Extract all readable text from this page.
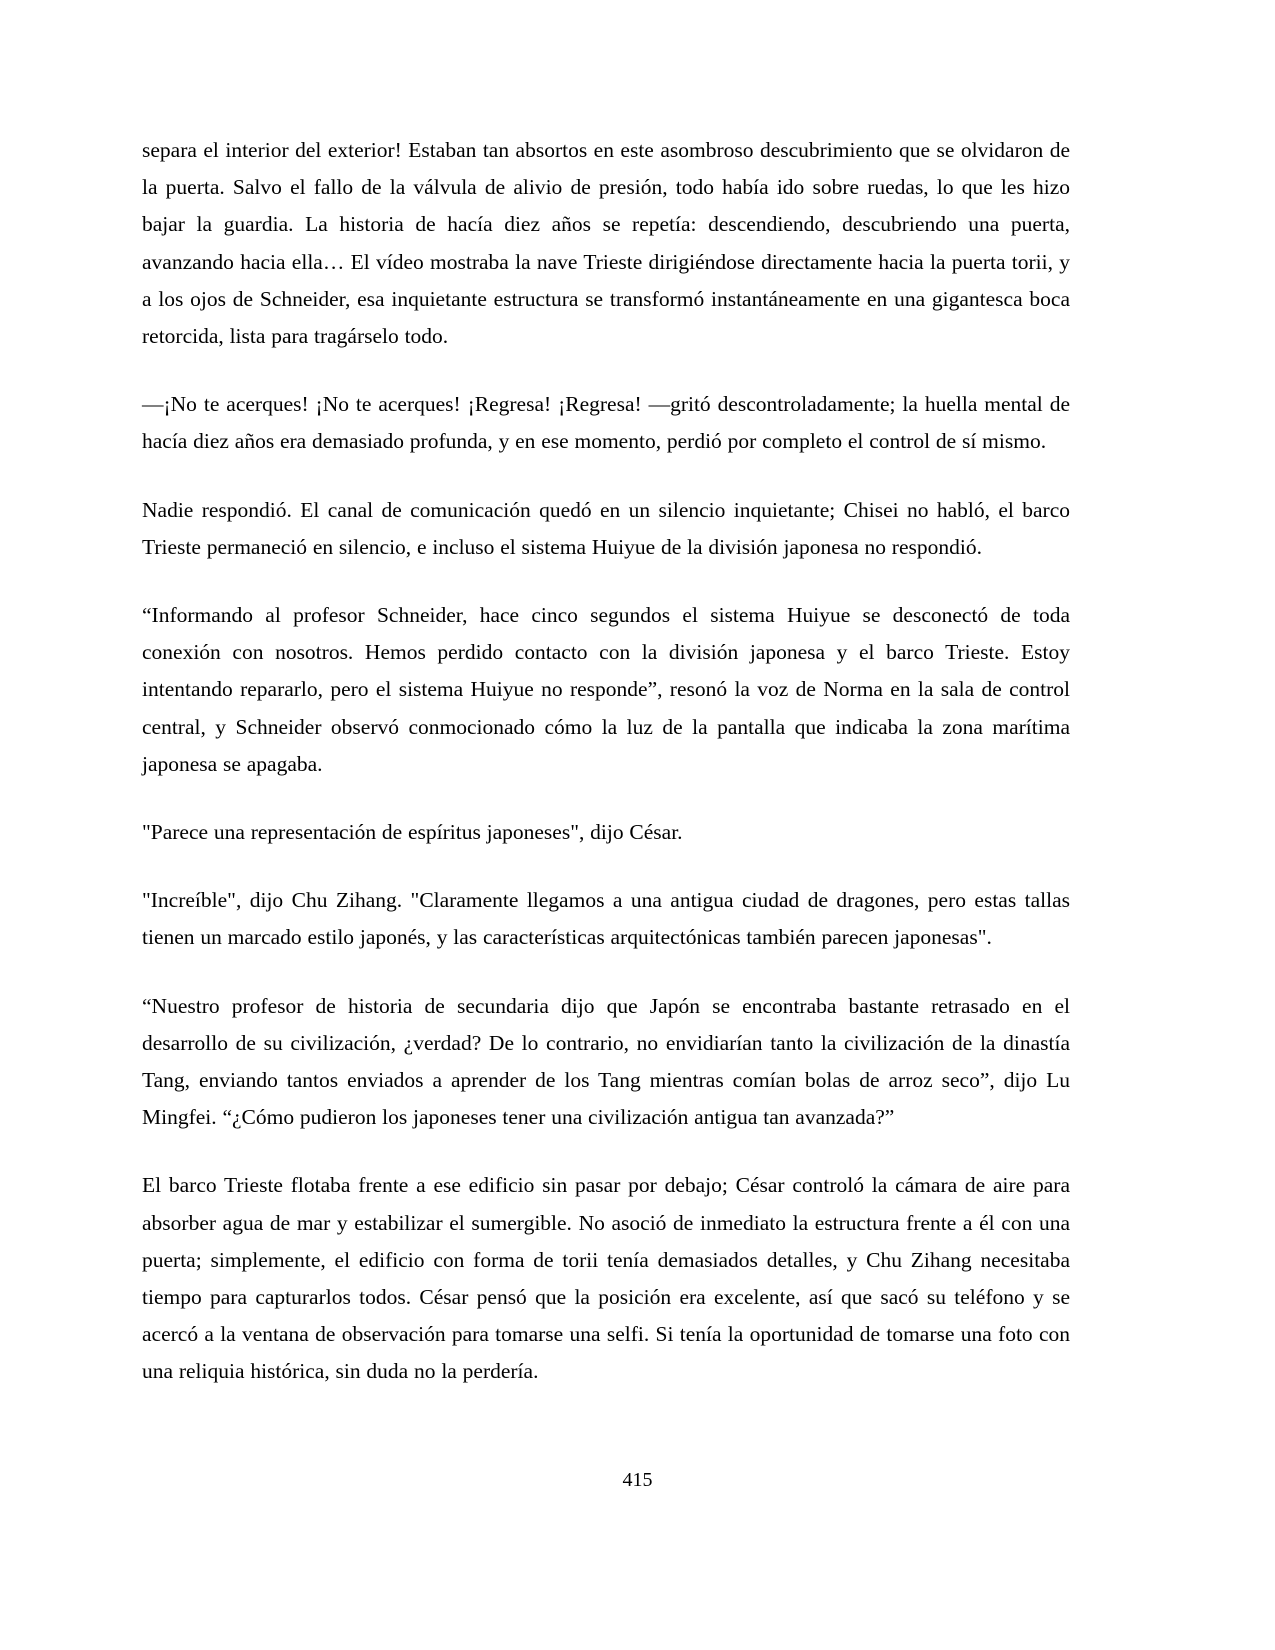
separa el interior del exterior! Estaban tan absortos en este asombroso descubrimiento que se olvidaron de la puerta. Salvo el fallo de la válvula de alivio de presión, todo había ido sobre ruedas, lo que les hizo bajar la guardia. La historia de hacía diez años se repetía: descendiendo, descubriendo una puerta, avanzando hacia ella… El vídeo mostraba la nave Trieste dirigiéndose directamente hacia la puerta torii, y a los ojos de Schneider, esa inquietante estructura se transformó instantáneamente en una gigantesca boca retorcida, lista para tragárselo todo.

—¡No te acerques! ¡No te acerques! ¡Regresa! ¡Regresa! —gritó descontroladamente; la huella mental de hacía diez años era demasiado profunda, y en ese momento, perdió por completo el control de sí mismo.

Nadie respondió. El canal de comunicación quedó en un silencio inquietante; Chisei no habló, el barco Trieste permaneció en silencio, e incluso el sistema Huiyue de la división japonesa no respondió.

“Informando al profesor Schneider, hace cinco segundos el sistema Huiyue se desconectó de toda conexión con nosotros. Hemos perdido contacto con la división japonesa y el barco Trieste. Estoy intentando repararlo, pero el sistema Huiyue no responde”, resonó la voz de Norma en la sala de control central, y Schneider observó conmocionado cómo la luz de la pantalla que indicaba la zona marítima japonesa se apagaba.

"Parece una representación de espíritus japoneses", dijo César.

"Increíble", dijo Chu Zihang. "Claramente llegamos a una antigua ciudad de dragones, pero estas tallas tienen un marcado estilo japonés, y las características arquitectónicas también parecen japonesas".

“Nuestro profesor de historia de secundaria dijo que Japón se encontraba bastante retrasado en el desarrollo de su civilización, ¿verdad? De lo contrario, no envidiarían tanto la civilización de la dinastía Tang, enviando tantos enviados a aprender de los Tang mientras comían bolas de arroz seco”, dijo Lu Mingfei. “¿Cómo pudieron los japoneses tener una civilización antigua tan avanzada?”

El barco Trieste flotaba frente a ese edificio sin pasar por debajo; César controló la cámara de aire para absorber agua de mar y estabilizar el sumergible. No asoció de inmediato la estructura frente a él con una puerta; simplemente, el edificio con forma de torii tenía demasiados detalles, y Chu Zihang necesitaba tiempo para capturarlos todos. César pensó que la posición era excelente, así que sacó su teléfono y se acercó a la ventana de observación para tomarse una selfi. Si tenía la oportunidad de tomarse una foto con una reliquia histórica, sin duda no la perdería.

415
